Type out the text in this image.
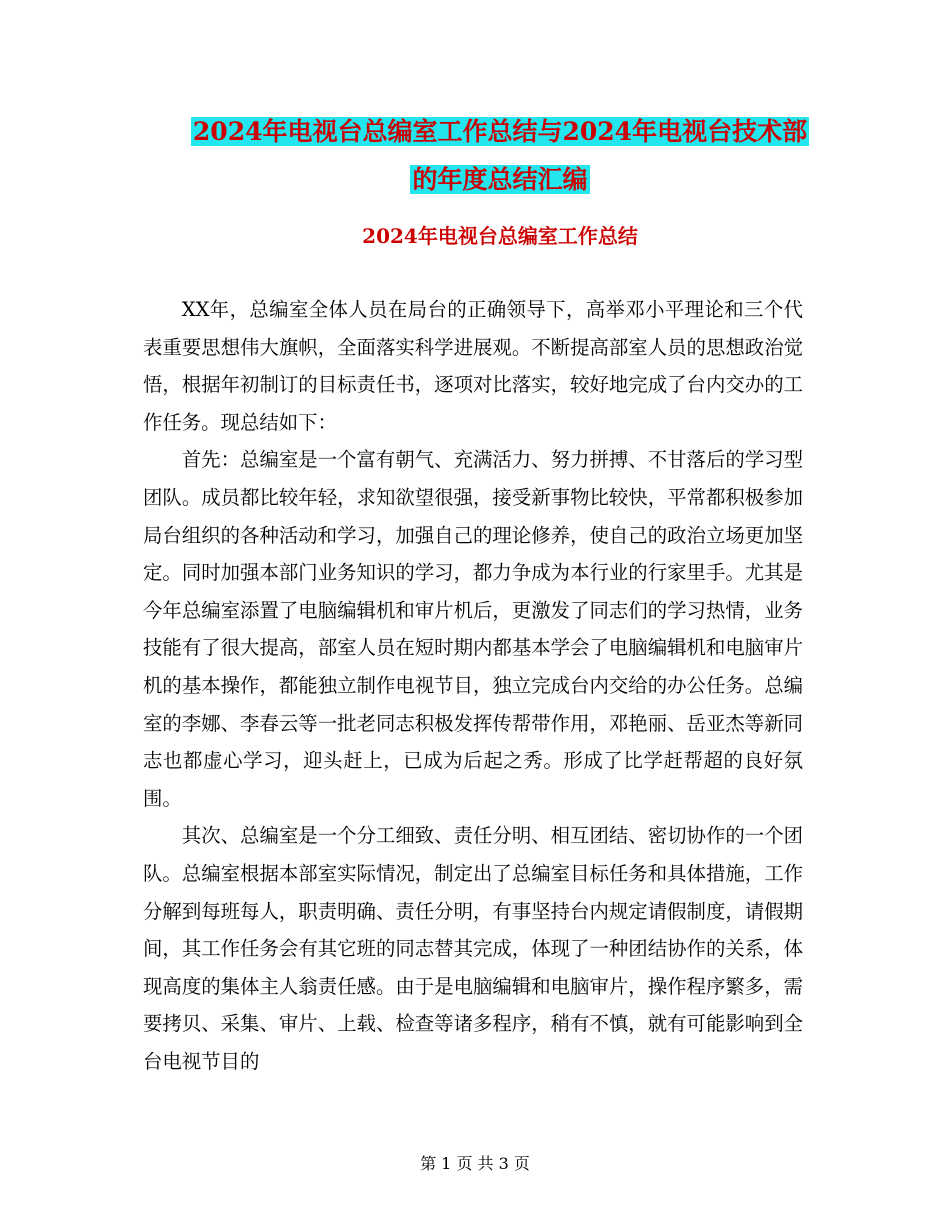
2024年电视台总编室工作总结与2024年电视台技术部
的年度总结汇编
2024年电视台总编室工作总结

XX年，总编室全体人员在局台的正确领导下，高举邓小平理论和三个代表重要思想伟大旗帜，全面落实科学进展观。不断提高部室人员的思想政治觉悟，根据年初制订的目标责任书，逐项对比落实，较好地完成了台内交办的工作任务。现总结如下：

首先：总编室是一个富有朝气、充满活力、努力拼搏、不甘落后的学习型团队。成员都比较年轻，求知欲望很强，接受新事物比较快，平常都积极参加局台组织的各种活动和学习，加强自己的理论修养，使自己的政治立场更加坚定。同时加强本部门业务知识的学习，都力争成为本行业的行家里手。尤其是今年总编室添置了电脑编辑机和审片机后，更激发了同志们的学习热情，业务技能有了很大提高，部室人员在短时期内都基本学会了电脑编辑机和电脑审片机的基本操作，都能独立制作电视节目，独立完成台内交给的办公任务。总编室的李娜、李春云等一批老同志积极发挥传帮带作用，邓艳丽、岳亚杰等新同志也都虚心学习，迎头赶上，已成为后起之秀。形成了比学赶帮超的良好氛围。

其次、总编室是一个分工细致、责任分明、相互团结、密切协作的一个团队。总编室根据本部室实际情况，制定出了总编室目标任务和具体措施，工作分解到每班每人，职责明确、责任分明，有事坚持台内规定请假制度，请假期间，其工作任务会有其它班的同志替其完成，体现了一种团结协作的关系，体现高度的集体主人翁责任感。由于是电脑编辑和电脑审片，操作程序繁多，需要拷贝、采集、审片、上载、检查等诸多程序，稍有不慎，就有可能影响到全台电视节目的

第 1 页 共 3 页
